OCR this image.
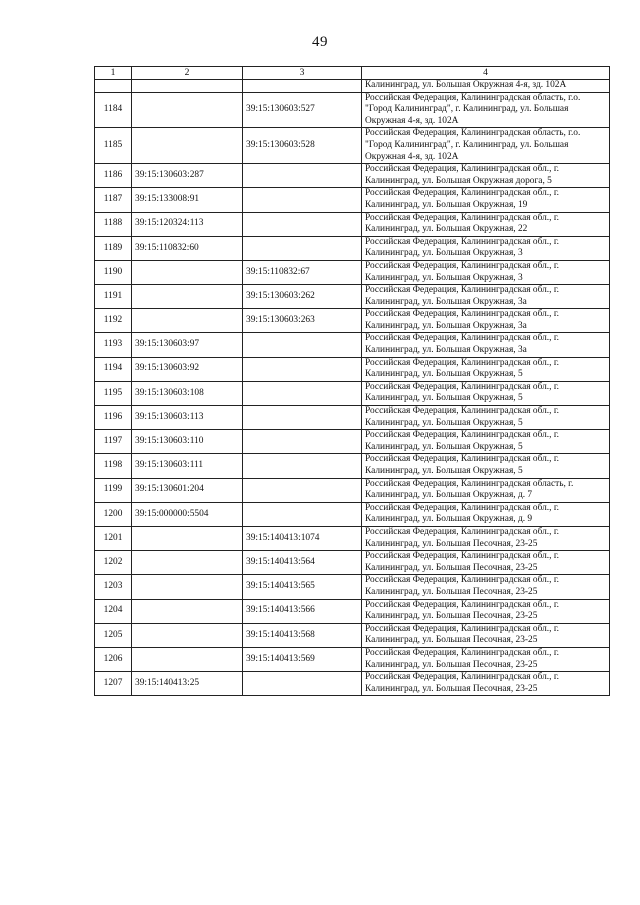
49
1	2	3	4
			Калининград, ул. Большая Окружная 4-я, зд. 102А
1184		39:15:130603:527	Российская Федерация, Калининградская область, г.о. "Город Калининград", г. Калининград, ул. Большая Окружная 4-я, зд. 102А
1185		39:15:130603:528	Российская Федерация, Калининградская область, г.о. "Город Калининград", г. Калининград, ул. Большая Окружная 4-я, зд. 102А
1186	39:15:130603:287		Российская Федерация, Калининградская обл., г. Калининград, ул. Большая Окружная дорога, 5
1187	39:15:133008:91		Российская Федерация, Калининградская обл., г. Калининград, ул. Большая Окружная, 19
1188	39:15:120324:113		Российская Федерация, Калининградская обл., г. Калининград, ул. Большая Окружная, 22
1189	39:15:110832:60		Российская Федерация, Калининградская обл., г. Калининград, ул. Большая Окружная, 3
1190		39:15:110832:67	Российская Федерация, Калининградская обл., г. Калининград, ул. Большая Окружная, 3
1191		39:15:130603:262	Российская Федерация, Калининградская обл., г. Калининград, ул. Большая Окружная, 3а
1192		39:15:130603:263	Российская Федерация, Калининградская обл., г. Калининград, ул. Большая Окружная, 3а
1193	39:15:130603:97		Российская Федерация, Калининградская обл., г. Калининград, ул. Большая Окружная, 3а
1194	39:15:130603:92		Российская Федерация, Калининградская обл., г. Калининград, ул. Большая Окружная, 5
1195	39:15:130603:108		Российская Федерация, Калининградская обл., г. Калининград, ул. Большая Окружная, 5
1196	39:15:130603:113		Российская Федерация, Калининградская обл., г. Калининград, ул. Большая Окружная, 5
1197	39:15:130603:110		Российская Федерация, Калининградская обл., г. Калининград, ул. Большая Окружная, 5
1198	39:15:130603:111		Российская Федерация, Калининградская обл., г. Калининград, ул. Большая Окружная, 5
1199	39:15:130601:204		Российская Федерация, Калининградская область, г. Калининград, ул. Большая Окружная, д. 7
1200	39:15:000000:5504		Российская Федерация, Калининградская обл., г. Калининград, ул. Большая Окружная, д. 9
1201		39:15:140413:1074	Российская Федерация, Калининградская обл., г. Калининград, ул. Большая Песочная, 23-25
1202		39:15:140413:564	Российская Федерация, Калининградская обл., г. Калининград, ул. Большая Песочная, 23-25
1203		39:15:140413:565	Российская Федерация, Калининградская обл., г. Калининград, ул. Большая Песочная, 23-25
1204		39:15:140413:566	Российская Федерация, Калининградская обл., г. Калининград, ул. Большая Песочная, 23-25
1205		39:15:140413:568	Российская Федерация, Калининградская обл., г. Калининград, ул. Большая Песочная, 23-25
1206		39:15:140413:569	Российская Федерация, Калининградская обл., г. Калининград, ул. Большая Песочная, 23-25
1207	39:15:140413:25		Российская Федерация, Калининградская обл., г. Калининград, ул. Большая Песочная, 23-25
